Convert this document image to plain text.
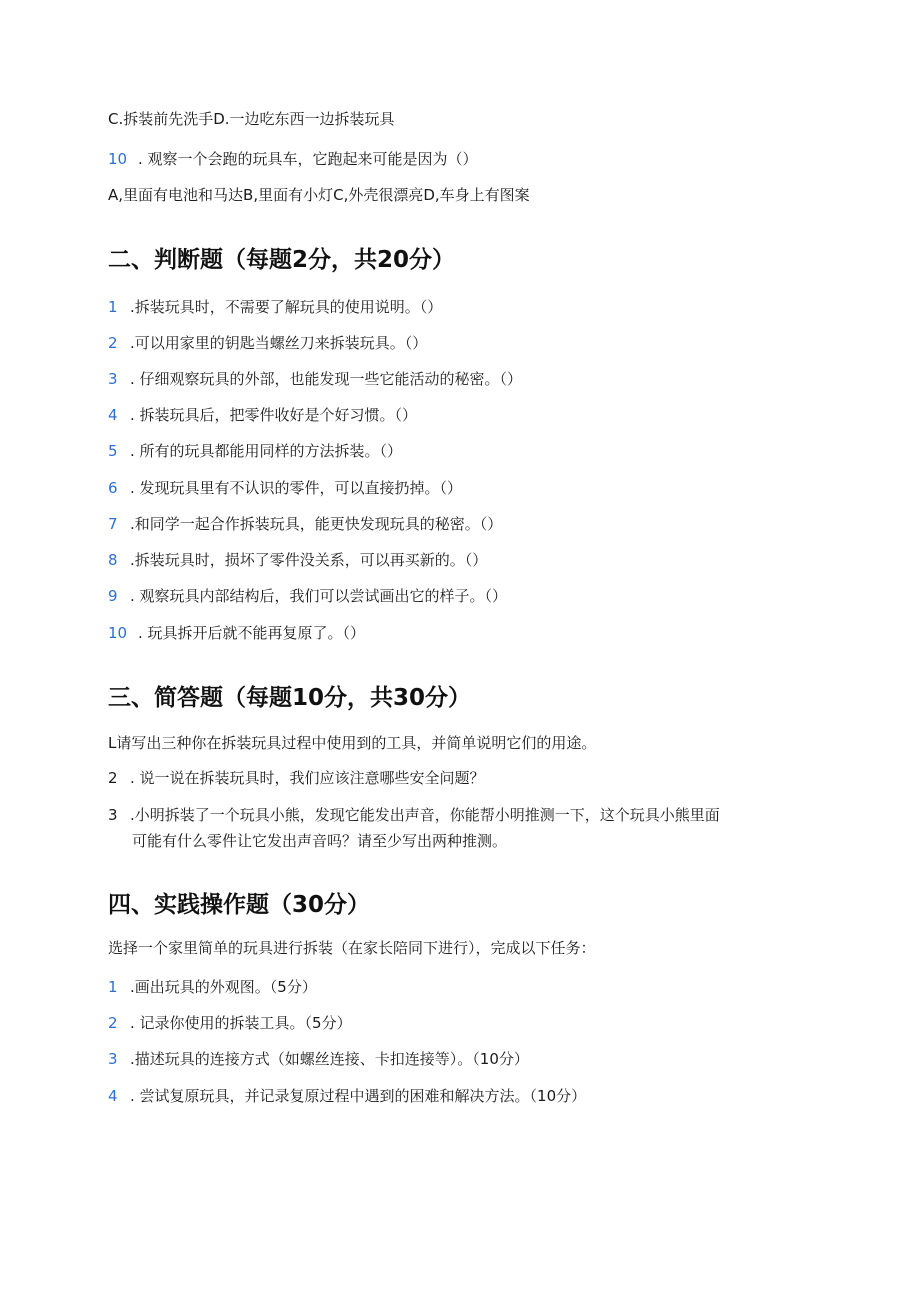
C.拆装前先洗手D.一边吃东西一边拆装玩具
10 . 观察一个会跑的玩具车，它跑起来可能是因为（）
A,里面有电池和马达B,里面有小灯C,外壳很漂亮D,车身上有图案
二、判断题（每题2分，共20分）
1 .拆装玩具时，不需要了解玩具的使用说明。（）
2 .可以用家里的钥匙当螺丝刀来拆装玩具。（）
3 . 仔细观察玩具的外部，也能发现一些它能活动的秘密。（）
4 . 拆装玩具后，把零件收好是个好习惯。（）
5 . 所有的玩具都能用同样的方法拆装。（）
6 . 发现玩具里有不认识的零件，可以直接扔掉。（）
7 .和同学一起合作拆装玩具，能更快发现玩具的秘密。（）
8 .拆装玩具时，损坏了零件没关系，可以再买新的。（）
9 . 观察玩具内部结构后，我们可以尝试画出它的样子。（）
10 . 玩具拆开后就不能再复原了。（）
三、简答题（每题10分，共30分）
L请写出三种你在拆装玩具过程中使用到的工具，并简单说明它们的用途。
2 . 说一说在拆装玩具时，我们应该注意哪些安全问题？
3 .小明拆装了一个玩具小熊，发现它能发出声音，你能帮小明推测一下，这个玩具小熊里面
可能有什么零件让它发出声音吗？请至少写出两种推测。
四、实践操作题（30分）
选择一个家里简单的玩具进行拆装（在家长陪同下进行），完成以下任务：
1 .画出玩具的外观图。（5分）
2 . 记录你使用的拆装工具。（5分）
3 .描述玩具的连接方式（如螺丝连接、卡扣连接等）。（10分）
4 . 尝试复原玩具，并记录复原过程中遇到的困难和解决方法。（10分）
